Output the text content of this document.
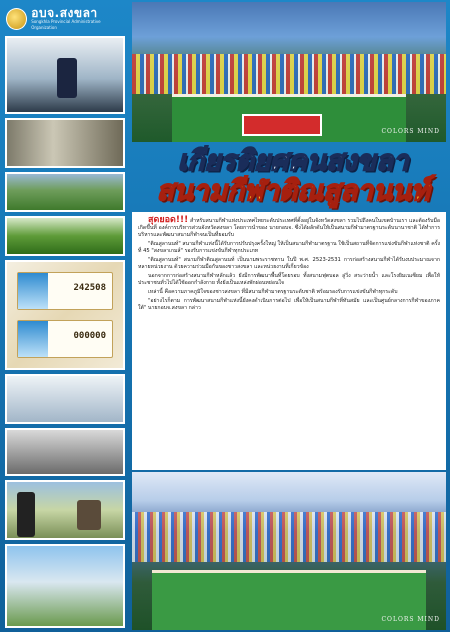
อบจ.สงขลา
Songkhla Provincial Administrative Organization
242508
000000
COLORS MIND
เกียรติยศคนสงขลา
สนามกีฬาติณสูลานนท์

สุดยอด!!! สำหรับสนามกีฬาแห่งประเทศไทยระดับประเทศที่ตั้งอยู่ในจังหวัดสงขลา รวมไปถึงคนในเขตบ้านเรา และต้องรับมือเกิดขึ้นที่ องค์การบริหารส่วนจังหวัดสงขลา โดยการนำของ นายกอบจ. ซึ่งได้ผลักดันให้เป็นสนามกีฬามาตรฐานระดับนานาชาติ ได้ทำการบริหารและพัฒนาสนามกีฬาจนเป็นที่ยอมรับ

"ติณสูลานนท์" สนามกีฬาแห่งนี้ได้รับการปรับปรุงครั้งใหญ่ ให้เป็นสนามกีฬามาตรฐาน ใช้เป็นสถานที่จัดการแข่งขันกีฬาแห่งชาติ ครั้งที่ 45 "สงขลาเกมส์" รองรับการแข่งขันกีฬาทุกประเภท

"ติณสูลานนท์" สนามกีฬาติณสูลานนท์ เป็นนามพระราชทาน ในปี พ.ศ. 2523-2531 การก่อสร้างสนามกีฬาได้รับงบประมาณจากหลายหน่วยงาน ด้วยความร่วมมือกันของชาวสงขลา และหน่วยงานที่เกี่ยวข้อง

นอกจากการก่อสร้างสนามกีฬาหลักแล้ว ยังมีการพัฒนาพื้นที่โดยรอบ ทั้งสนามฟุตบอล ลู่วิ่ง สระว่ายน้ำ และโรงยิมเนเซียม เพื่อให้ประชาชนทั่วไปได้ใช้ออกกำลังกาย ทั้งยังเป็นแหล่งพักผ่อนหย่อนใจ

เหล่านี้ คือความภาคภูมิใจของชาวสงขลา ที่มีสนามกีฬามาตรฐานระดับชาติ พร้อมรองรับการแข่งขันกีฬาทุกระดับ

"อย่างไรก็ตาม การพัฒนาสนามกีฬาแห่งนี้ยังคงดำเนินการต่อไป เพื่อให้เป็นสนามกีฬาที่ทันสมัย และเป็นศูนย์กลางการกีฬาของภาคใต้" นายกอบจ.สงขลา กล่าว

COLORS MIND
